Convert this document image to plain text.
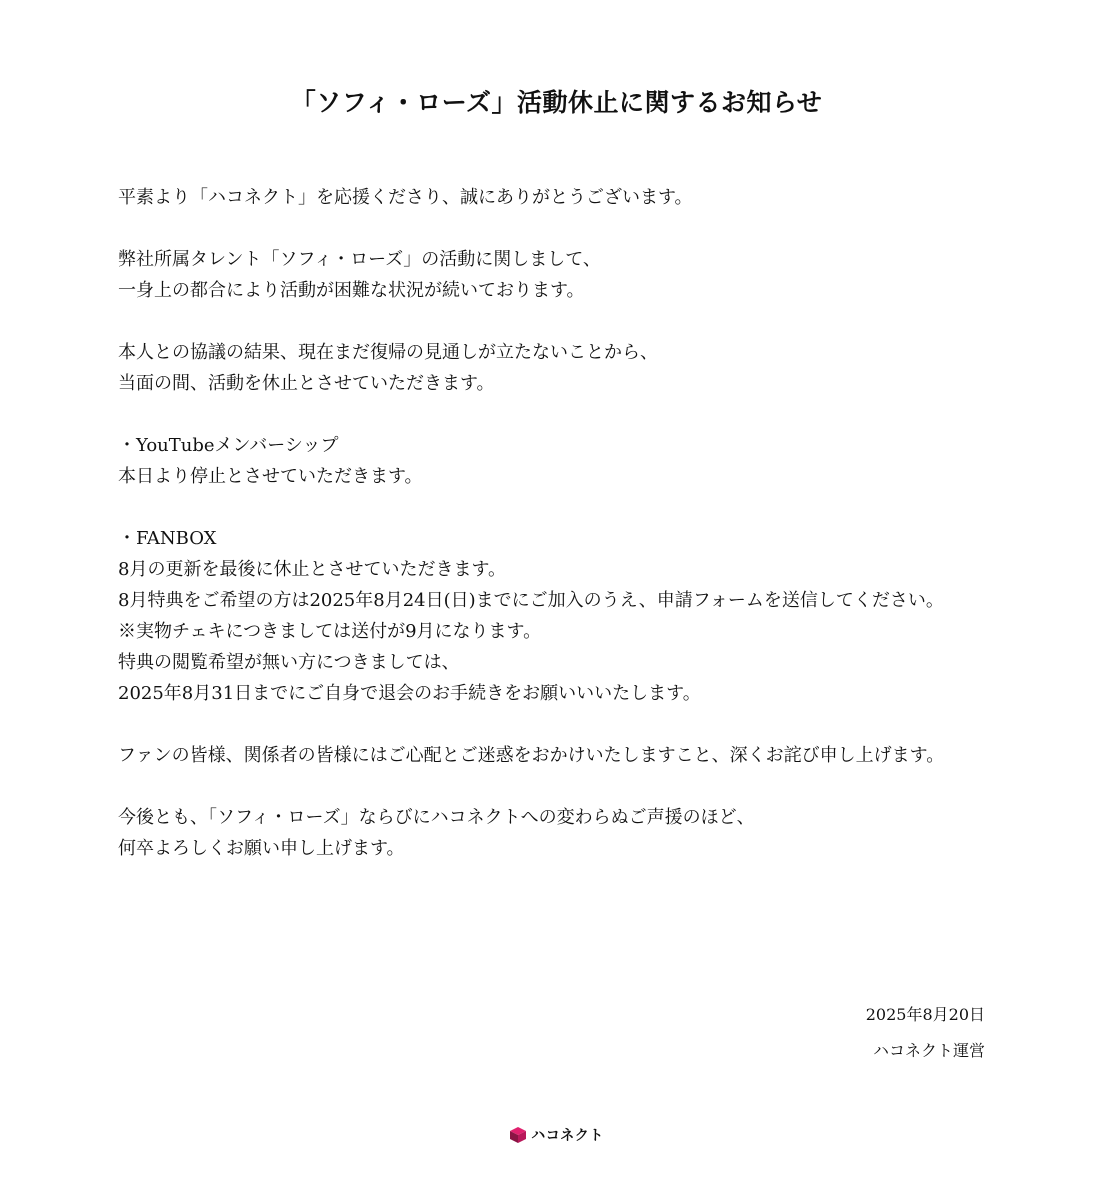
「ソフィ・ローズ」活動休止に関するお知らせ

平素より「ハコネクト」を応援くださり、誠にありがとうございます。

弊社所属タレント「ソフィ・ローズ」の活動に関しまして、
一身上の都合により活動が困難な状況が続いております。

本人との協議の結果、現在まだ復帰の見通しが立たないことから、
当面の間、活動を休止とさせていただきます。

・YouTubeメンバーシップ
本日より停止とさせていただきます。

・FANBOX
8月の更新を最後に休止とさせていただきます。
8月特典をご希望の方は2025年8月24日(日)までにご加入のうえ、申請フォームを送信してください。
※実物チェキにつきましては送付が9月になります。
特典の閲覧希望が無い方につきましては、
2025年8月31日までにご自身で退会のお手続きをお願いいいたします。

ファンの皆様、関係者の皆様にはご心配とご迷惑をおかけいたしますこと、深くお詫び申し上げます。

今後とも、「ソフィ・ローズ」ならびにハコネクトへの変わらぬご声援のほど、
何卒よろしくお願い申し上げます。

2025年8月20日
ハコネクト運営
ハコネクト
